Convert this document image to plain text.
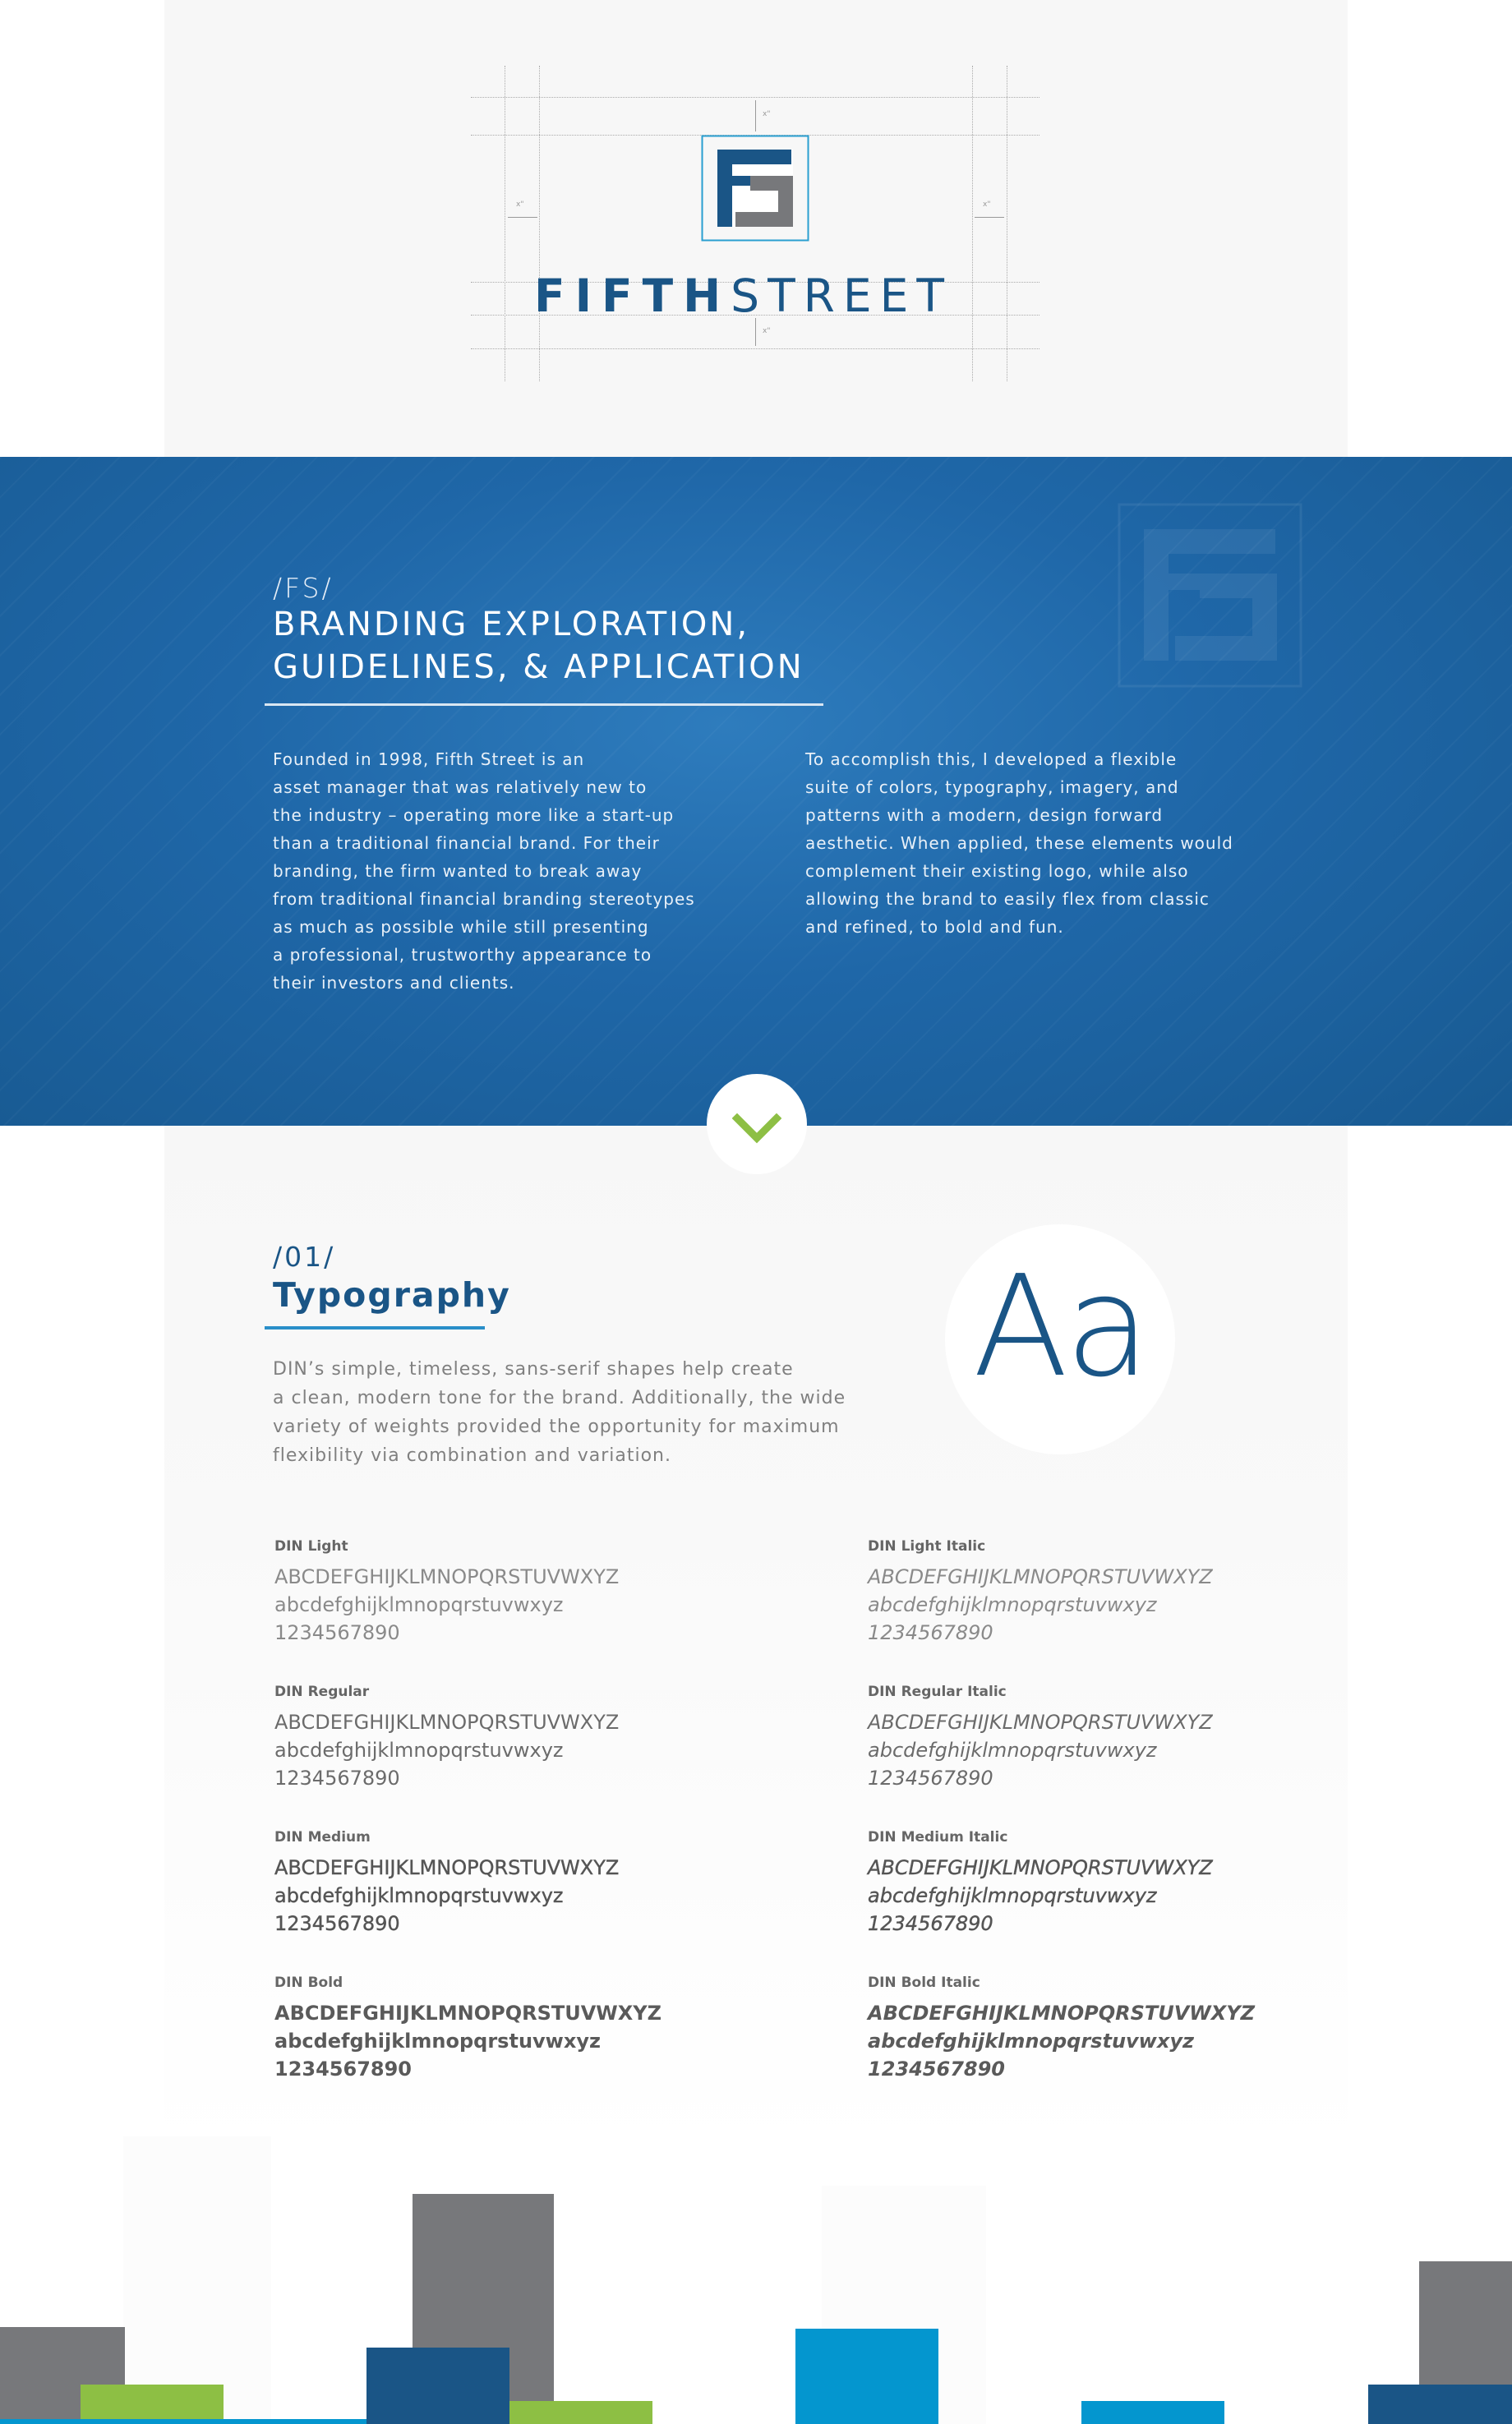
x"
x"
x"	x"
FIFTHSTREET
/FS/
BRANDING EXPLORATION,
GUIDELINES, & APPLICATION
Founded in 1998, Fifth Street is an
asset manager that was relatively new to
the industry – operating more like a start-up
than a traditional financial brand. For their
branding, the firm wanted to break away
from traditional financial branding stereotypes
as much as possible while still presenting
a professional, trustworthy appearance to
their investors and clients.
To accomplish this, I developed a flexible
suite of colors, typography, imagery, and
patterns with a modern, design forward
aesthetic. When applied, these elements would
complement their existing logo, while also
allowing the brand to easily flex from classic
and refined, to bold and fun.
/01/
Typography
DIN’s simple, timeless, sans-serif shapes help create
a clean, modern tone for the brand. Additionally, the wide
variety of weights provided the opportunity for maximum
flexibility via combination and variation.
Aa
DIN Light
ABCDEFGHIJKLMNOPQRSTUVWXYZ
abcdefghijklmnopqrstuvwxyz
1234567890
DIN Regular
ABCDEFGHIJKLMNOPQRSTUVWXYZ
abcdefghijklmnopqrstuvwxyz
1234567890
DIN Medium
ABCDEFGHIJKLMNOPQRSTUVWXYZ
abcdefghijklmnopqrstuvwxyz
1234567890
DIN Bold
ABCDEFGHIJKLMNOPQRSTUVWXYZ
abcdefghijklmnopqrstuvwxyz
1234567890
DIN Light Italic
ABCDEFGHIJKLMNOPQRSTUVWXYZ
abcdefghijklmnopqrstuvwxyz
1234567890
DIN Regular Italic
ABCDEFGHIJKLMNOPQRSTUVWXYZ
abcdefghijklmnopqrstuvwxyz
1234567890
DIN Medium Italic
ABCDEFGHIJKLMNOPQRSTUVWXYZ
abcdefghijklmnopqrstuvwxyz
1234567890
DIN Bold Italic
ABCDEFGHIJKLMNOPQRSTUVWXYZ
abcdefghijklmnopqrstuvwxyz
1234567890
